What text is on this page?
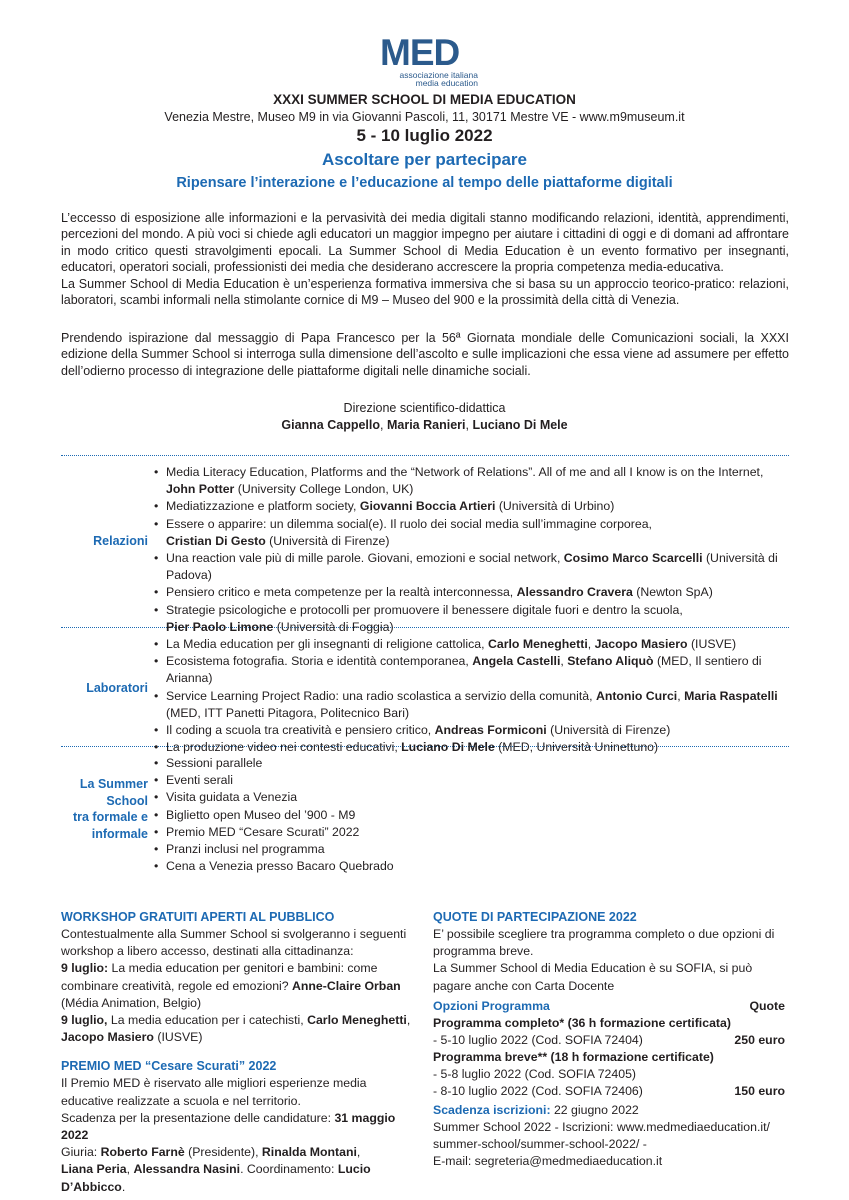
MED
associazione italiana
media education
XXXI SUMMER SCHOOL DI MEDIA EDUCATION
Venezia Mestre, Museo M9 in via Giovanni Pascoli, 11, 30171 Mestre VE - www.m9museum.it
5 - 10 luglio 2022
Ascoltare per partecipare
Ripensare l’interazione e l’educazione al tempo delle piattaforme digitali
L’eccesso di esposizione alle informazioni e la pervasività dei media digitali stanno modificando relazioni, identità, apprendimenti, percezioni del mondo. A più voci si chiede agli educatori un maggior impegno per aiutare i cittadini di oggi e di domani ad affrontare in modo critico questi stravolgimenti epocali. La Summer School di Media Education è un evento formativo per insegnanti, educatori, operatori sociali, professionisti dei media che desiderano accrescere la propria competenza media-educativa.
La Summer School di Media Education è un’esperienza formativa immersiva che si basa su un approccio teorico-pratico: relazioni, laboratori, scambi informali nella stimolante cornice di M9 – Museo del 900 e la prossimità della città di Venezia.
Prendendo ispirazione dal messaggio di Papa Francesco per la 56ª Giornata mondiale delle Comunicazioni sociali, la XXXI edizione della Summer School si interroga sulla dimensione dell’ascolto e sulle implicazioni che essa viene ad assumere per effetto dell’odierno processo di integrazione delle piattaforme digitali nelle dinamiche sociali.
Direzione scientifico-didattica
Gianna Cappello, Maria Ranieri, Luciano Di Mele
Relazioni
• Media Literacy Education, Platforms and the “Network of Relations”. All of me and all I know is on the Internet,
John Potter (University College London, UK)
• Mediatizzazione e platform society, Giovanni Boccia Artieri (Università di Urbino)
• Essere o apparire: un dilemma social(e). Il ruolo dei social media sull’immagine corporea,
Cristian Di Gesto (Università di Firenze)
• Una reaction vale più di mille parole. Giovani, emozioni e social network, Cosimo Marco Scarcelli (Università di Padova)
• Pensiero critico e meta competenze per la realtà interconnessa, Alessandro Cravera (Newton SpA)
• Strategie psicologiche e protocolli per promuovere il benessere digitale fuori e dentro la scuola,
Pier Paolo Limone (Università di Foggia)
Laboratori
• La Media education per gli insegnanti di religione cattolica, Carlo Meneghetti, Jacopo Masiero (IUSVE)
• Ecosistema fotografia. Storia e identità contemporanea, Angela Castelli, Stefano Aliquò (MED, Il sentiero di Arianna)
• Service Learning Project Radio: una radio scolastica a servizio della comunità, Antonio Curci, Maria Raspatelli
(MED, ITT Panetti Pitagora, Politecnico Bari)
• Il coding a scuola tra creatività e pensiero critico, Andreas Formiconi (Università di Firenze)
• La produzione video nei contesti educativi, Luciano Di Mele (MED, Università Uninettuno)
La Summer
School
tra formale e
informale
• Sessioni parallele
• Eventi serali
• Visita guidata a Venezia
• Biglietto open Museo del ’900 - M9
• Premio MED “Cesare Scurati” 2022
• Pranzi inclusi nel programma
• Cena a Venezia presso Bacaro Quebrado
WORKSHOP GRATUITI APERTI AL PUBBLICO
Contestualmente alla Summer School si svolgeranno i seguenti workshop a libero accesso, destinati alla cittadinanza:
9 luglio: La media education per genitori e bambini: come combinare creatività, regole ed emozioni? Anne-Claire Orban (Média Animation, Belgio)
9 luglio, La media education per i catechisti, Carlo Meneghetti, Jacopo Masiero (IUSVE)
PREMIO MED “Cesare Scurati” 2022
Il Premio MED è riservato alle migliori esperienze media educative realizzate a scuola e nel territorio.
Scadenza per la presentazione delle candidature: 31 maggio 2022
Giuria: Roberto Farnè (Presidente), Rinalda Montani,
Liana Peria, Alessandra Nasini. Coordinamento: Lucio D’Abbicco.
QUOTE DI PARTECIPAZIONE 2022
E’ possibile scegliere tra programma completo o due opzioni di programma breve.
La Summer School di Media Education è su SOFIA, si può pagare anche con Carta Docente
Opzioni Programma	Quote
Programma completo* (36 h formazione certificata)	
- 5-10 luglio 2022 (Cod. SOFIA 72404)	250 euro
Programma breve** (18 h formazione certificate)	
- 5-8 luglio 2022 (Cod. SOFIA 72405)	
- 8-10 luglio 2022 (Cod. SOFIA 72406)	150 euro
Scadenza iscrizioni: 22 giugno 2022
Summer School 2022 - Iscrizioni: www.medmediaeducation.it/
summer-school/summer-school-2022/ -
E-mail: segreteria@medmediaeducation.it
